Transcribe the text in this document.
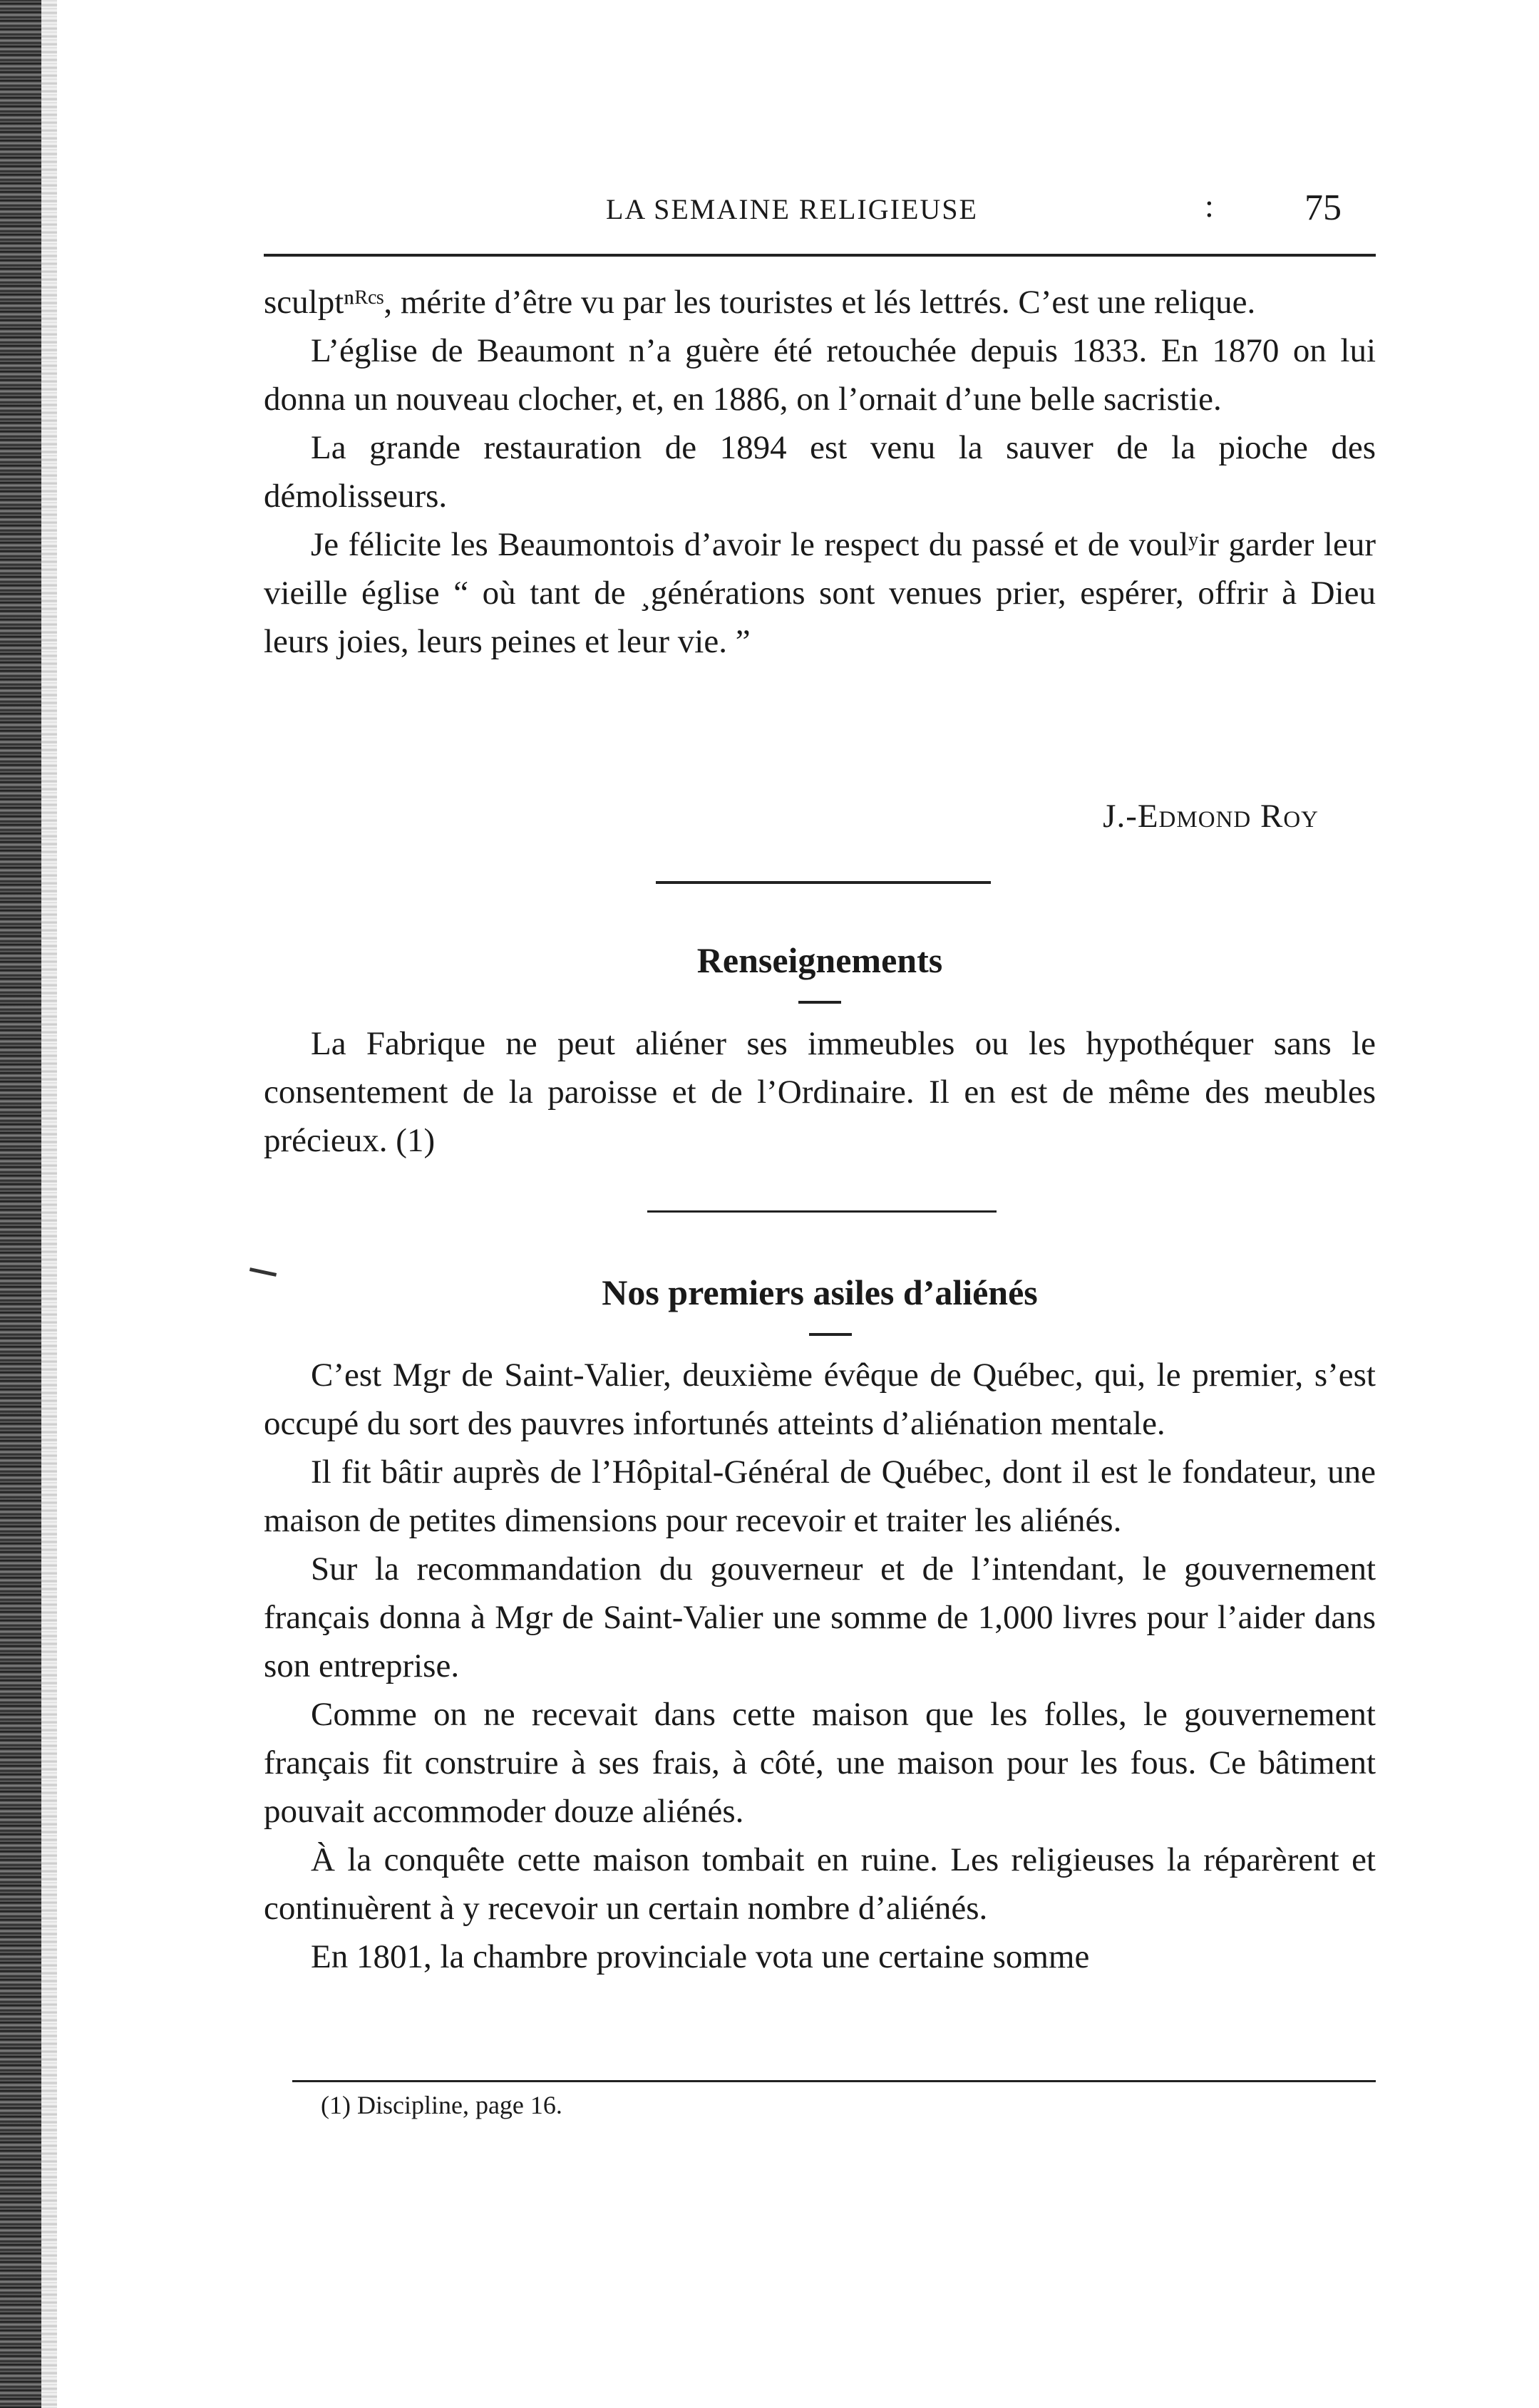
LA SEMAINE RELIGIEUSE	: 75

sculptⁿᴿᶜˢ, mérite d’être vu par les touristes et lés lettrés. C’est une relique.

L’église de Beaumont n’a guère été retouchée depuis 1833. En 1870 on lui donna un nouveau clocher, et, en 1886, on l’ornait d’une belle sacristie.

La grande restauration de 1894 est venu la sauver de la pioche des démolisseurs.

Je félicite les Beaumontois d’avoir le respect du passé et de voulʸir garder leur vieille église “ où tant de ¸générations sont venues prier, espérer, offrir à Dieu leurs joies, leurs peines et leur vie. ”

J.-Edmond Roy
Renseignements

La Fabrique ne peut aliéner ses immeubles ou les hypothéquer sans le consentement de la paroisse et de l’Ordinaire. Il en est de même des meubles précieux. (1)

Nos premiers asiles d’aliénés

C’est Mgr de Saint-Valier, deuxième évêque de Québec, qui, le premier, s’est occupé du sort des pauvres infortunés atteints d’aliénation mentale.

Il fit bâtir auprès de l’Hôpital-Général de Québec, dont il est le fondateur, une maison de petites dimensions pour recevoir et traiter les aliénés.

Sur la recommandation du gouverneur et de l’intendant, le gouvernement français donna à Mgr de Saint-Valier une somme de 1,000 livres pour l’aider dans son entreprise.

Comme on ne recevait dans cette maison que les folles, le gouvernement français fit construire à ses frais, à côté, une maison pour les fous. Ce bâtiment pouvait accommoder douze aliénés.

À la conquête cette maison tombait en ruine. Les religieuses la réparèrent et continuèrent à y recevoir un certain nombre d’aliénés.

En 1801, la chambre provinciale vota une certaine somme

(1) Discipline, page 16.
